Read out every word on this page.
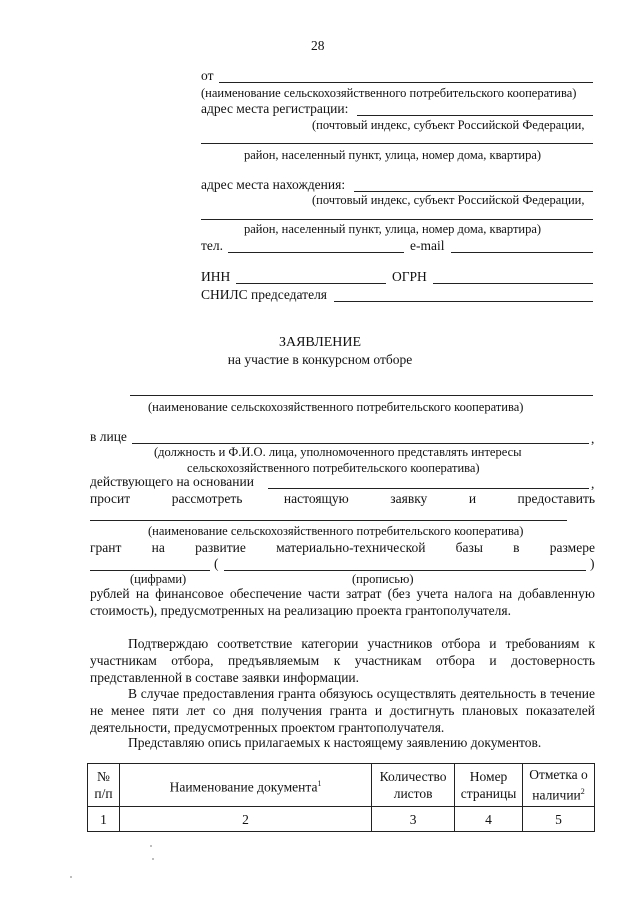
28
от
(наименование сельскохозяйственного потребительского кооператива)
адрес места регистрации:
(почтовый индекс, субъект Российской Федерации,
район, населенный пункт, улица, номер дома, квартира)
адрес места нахождения:
(почтовый индекс, субъект Российской Федерации,
район, населенный пункт, улица, номер дома, квартира)
тел.	e-mail
ИНН	ОГРН
СНИЛС председателя
ЗАЯВЛЕНИЕ
на участие в конкурсном отборе
(наименование сельскохозяйственного потребительского кооператива)
в лице	,
(должность и Ф.И.О. лица, уполномоченного представлять интересы
сельскохозяйственного потребительского кооператива)
действующего на основании	,
просит	рассмотреть	настоящую	заявку	и	предоставить
(наименование сельскохозяйственного потребительского кооператива)
грант на развитие материально-технической базы в размере
(	)
(цифрами)	(прописью)
рублей на финансовое обеспечение части затрат (без учета налога на добавленную стоимость), предусмотренных на реализацию проекта грантополучателя.
Подтверждаю соответствие категории участников отбора и требованиям к участникам отбора, предъявляемым к участникам отбора и достоверность представленной в составе заявки информации.
В случае предоставления гранта обязуюсь осуществлять деятельность в течение не менее пяти лет со дня получения гранта и достигнуть плановых показателей деятельности, предусмотренных проектом грантополучателя.
Представляю опись прилагаемых к настоящему заявлению документов.
№ п/п	Наименование документа$^1$	Количество листов	Номер страницы	Отметка о наличии$^2$
1	2	3	4	5
